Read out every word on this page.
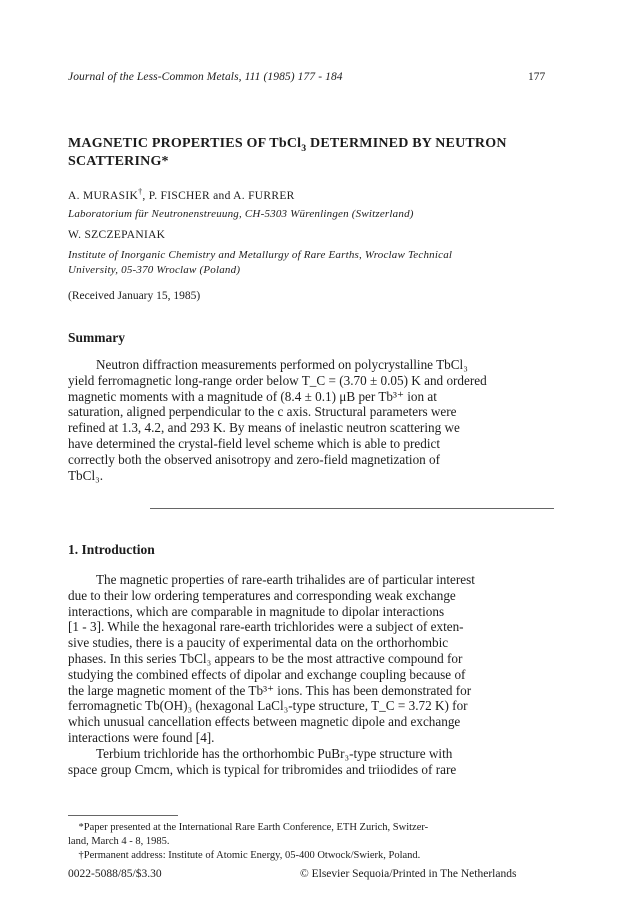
Journal of the Less-Common Metals, 111 (1985) 177 - 184	177
MAGNETIC PROPERTIES OF TbCl$_3$ DETERMINED BY NEUTRON
SCATTERING*
A. MURASIK†, P. FISCHER and A. FURRER
Laboratorium für Neutronenstreuung, CH-5303 Würenlingen (Switzerland)
W. SZCZEPANIAK
Institute of Inorganic Chemistry and Metallurgy of Rare Earths, Wroclaw Technical
University, 05-370 Wroclaw (Poland)
(Received January 15, 1985)
Summary
Neutron diffraction measurements performed on polycrystalline TbCl₃
yield ferromagnetic long-range order below T_C = (3.70 ± 0.05) K and ordered
magnetic moments with a magnitude of (8.4 ± 0.1) μB per Tb³⁺ ion at
saturation, aligned perpendicular to the c axis. Structural parameters were
refined at 1.3, 4.2, and 293 K. By means of inelastic neutron scattering we
have determined the crystal-field level scheme which is able to predict
correctly both the observed anisotropy and zero-field magnetization of
TbCl₃.
1. Introduction
The magnetic properties of rare-earth trihalides are of particular interest
due to their low ordering temperatures and corresponding weak exchange
interactions, which are comparable in magnitude to dipolar interactions
[1 - 3]. While the hexagonal rare-earth trichlorides were a subject of exten-
sive studies, there is a paucity of experimental data on the orthorhombic
phases. In this series TbCl₃ appears to be the most attractive compound for
studying the combined effects of dipolar and exchange coupling because of
the large magnetic moment of the Tb³⁺ ions. This has been demonstrated for
ferromagnetic Tb(OH)₃ (hexagonal LaCl₃-type structure, T_C = 3.72 K) for
which unusual cancellation effects between magnetic dipole and exchange
interactions were found [4].
Terbium trichloride has the orthorhombic PuBr₃-type structure with
space group Cmcm, which is typical for tribromides and triiodides of rare
*Paper presented at the International Rare Earth Conference, ETH Zurich, Switzer-
land, March 4 - 8, 1985.
†Permanent address: Institute of Atomic Energy, 05-400 Otwock/Swierk, Poland.
0022-5088/85/$3.30	© Elsevier Sequoia/Printed in The Netherlands
